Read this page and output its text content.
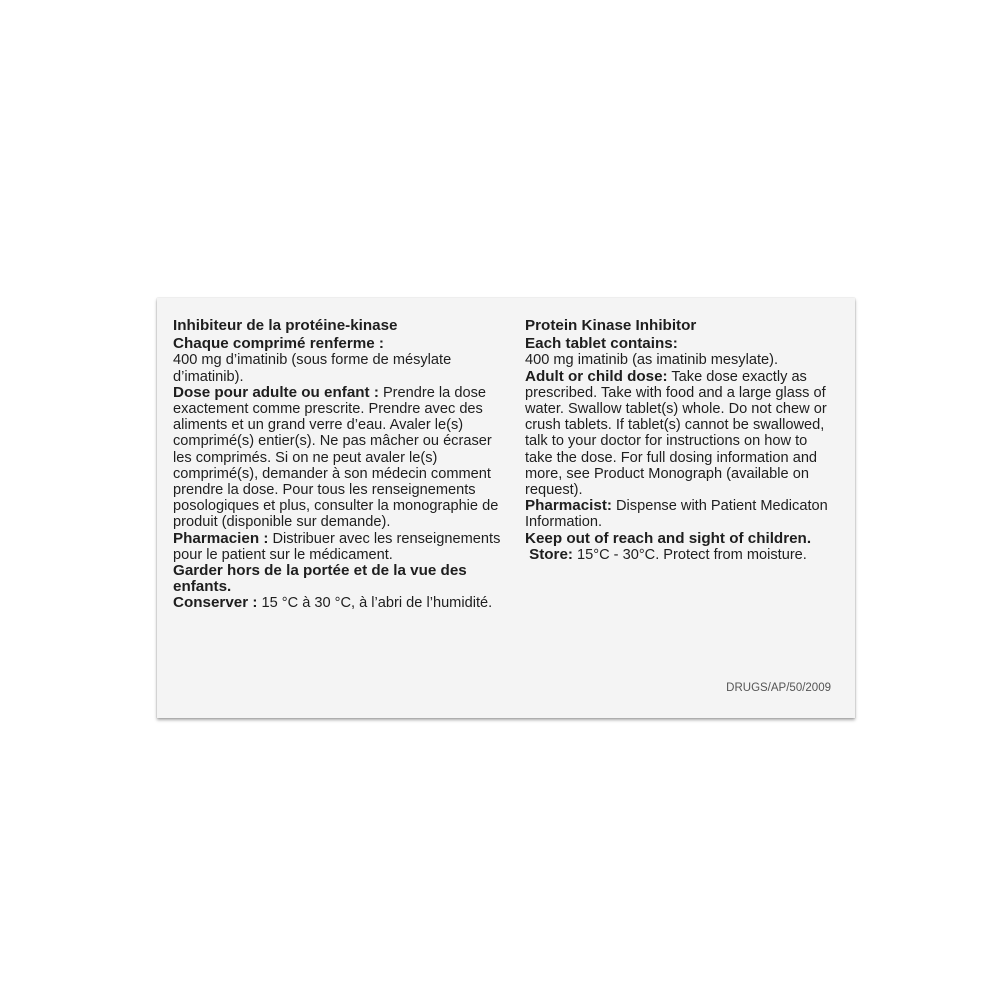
Inhibiteur de la protéine-kinase

Chaque comprimé renferme :

400 mg d’imatinib (sous forme de mésylate d’imatinib).

Dose pour adulte ou enfant : Prendre la dose exactement comme prescrite. Prendre avec des aliments et un grand verre d’eau. Avaler le(s) comprimé(s) entier(s). Ne pas mâcher ou écraser les comprimés. Si on ne peut avaler le(s) comprimé(s), demander à son médecin comment prendre la dose. Pour tous les renseignements posologiques et plus, consulter la monographie de produit (disponible sur demande).

Pharmacien : Distribuer avec les renseignements pour le patient sur le médicament.

Garder hors de la portée et de la vue des enfants.

Conserver : 15 °C à 30 °C, à l’abri de l’humidité.

Protein Kinase Inhibitor

Each tablet contains:

400 mg imatinib (as imatinib mesylate).

Adult or child dose: Take dose exactly as prescribed. Take with food and a large glass of water. Swallow tablet(s) whole. Do not chew or crush tablets. If tablet(s) cannot be swallowed, talk to your doctor for instructions on how to take the dose. For full dosing information and more, see Product Monograph (available on request).

Pharmacist: Dispense with Patient Medicaton Information.

Keep out of reach and sight of children.

Store: 15°C - 30°C. Protect from moisture.

DRUGS/AP/50/2009
